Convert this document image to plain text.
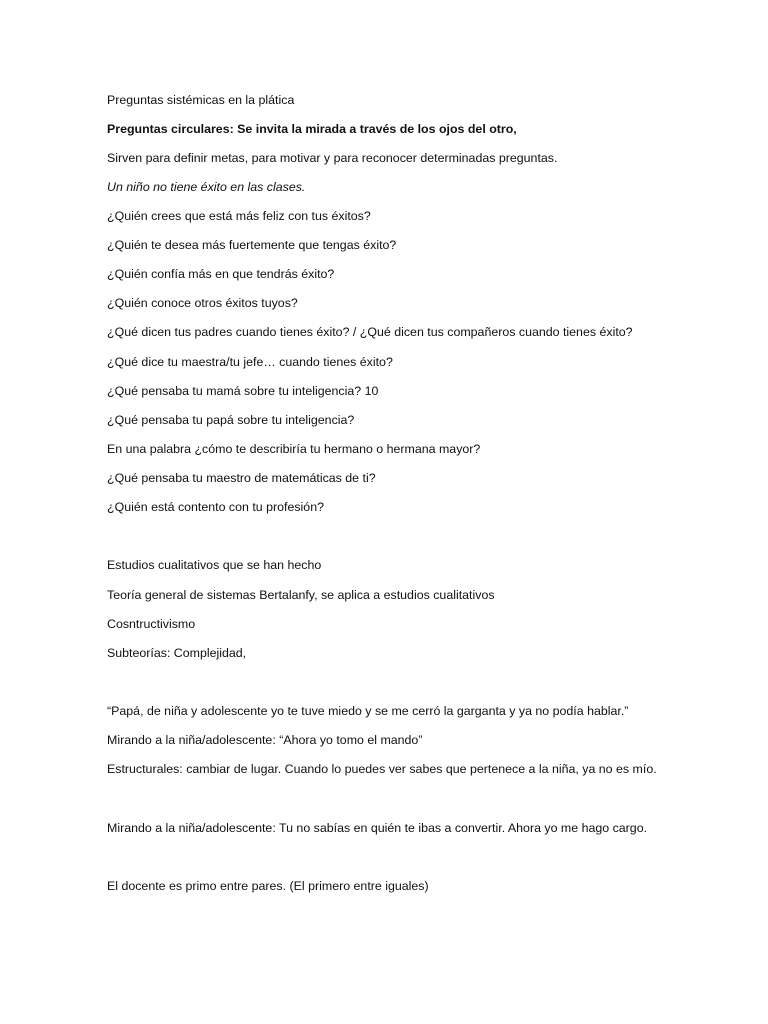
Preguntas sistémicas en la plática
Preguntas circulares: Se invita la mirada a través de los ojos del otro,
Sirven para definir metas, para motivar y para reconocer determinadas preguntas.
Un niño no tiene éxito en las clases.
¿Quién crees que está más feliz con tus éxitos?
¿Quién te desea más fuertemente que tengas éxito?
¿Quién confía más en que tendrás éxito?
¿Quién conoce otros éxitos tuyos?
¿Qué dicen tus padres cuando tienes éxito? / ¿Qué dicen tus compañeros cuando tienes éxito?
¿Qué dice tu maestra/tu jefe… cuando tienes éxito?
¿Qué pensaba tu mamá sobre tu inteligencia? 10
¿Qué pensaba tu papá sobre tu inteligencia?
En una palabra ¿cómo te describiría tu hermano o hermana mayor?
¿Qué pensaba tu maestro de matemáticas de ti?
¿Quién está contento con tu profesión?
Estudios cualitativos que se han hecho
Teoría general de sistemas Bertalanfy, se aplica a estudios cualitativos
Cosntructivismo
Subteorías: Complejidad,
“Papá, de niña y adolescente yo te tuve miedo y se me cerró la garganta y ya no podía hablar.”
Mirando a la niña/adolescente: “Ahora yo tomo el mando”
Estructurales: cambiar de lugar. Cuando lo puedes ver sabes que pertenece a la niña, ya no es mío.
Mirando a la niña/adolescente: Tu no sabías en quién te ibas a convertir. Ahora yo me hago cargo.
El docente es primo entre pares. (El primero entre iguales)
